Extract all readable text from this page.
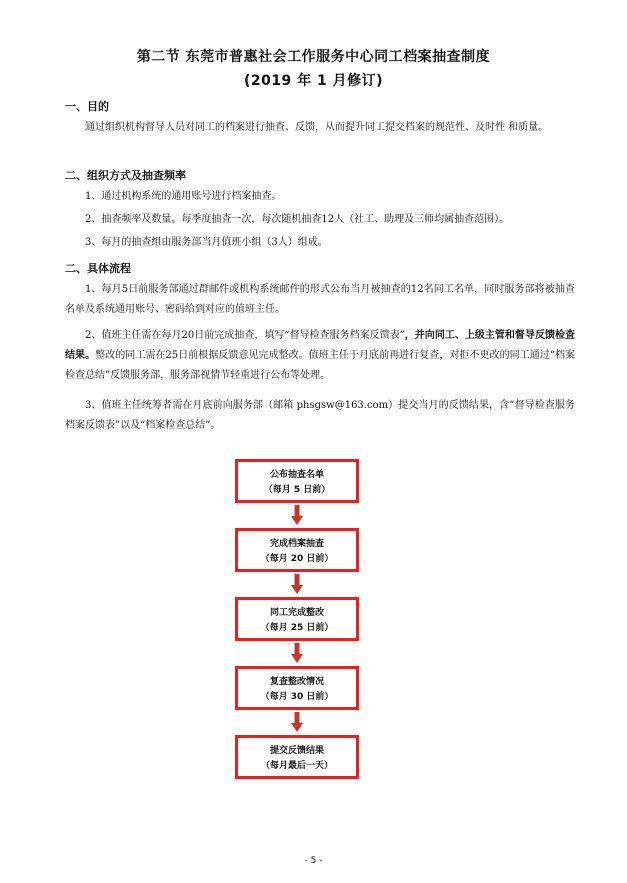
第二节 东莞市普惠社会工作服务中心同工档案抽查制度
(2019 年 1 月修订)
一、目的
通过组织机构督导人员对同工的档案进行抽查、反馈，从而提升同工提交档案的规范性、及时性 和质量。
二、组织方式及抽查频率
1、通过机构系统的通用账号进行档案抽查。
2、抽查频率及数量。每季度抽查一次，每次随机抽查12人（社工、助理及三师均属抽查范围）。
3、每月的抽查组由服务部当月值班小组（3人）组成。
二、具体流程
1、每月5日前服务部通过群邮件或机构系统邮件的形式公布当月被抽查的12名同工名单，同时服务部将被抽查名单及系统通用账号、密码给到对应的值班主任。
2、值班主任需在每月20日前完成抽查，填写“督导检查服务档案反馈表”，并向同工、上级主管和督导反馈检查结果。整改的同工需在25日前根据反馈意见完成整改。值班主任于月底前再进行复查，对拒不更改的同工通过“档案检查总结”反馈服务部，服务部视情节轻重进行公布等处理。
3、值班主任统筹者需在月底前向服务部（邮箱 phsgsw@163.com）提交当月的反馈结果，含“督导检查服务档案反馈表”以及“档案检查总结”。
公布抽查名单
（每月 5 日前）
完成档案抽查
（每月 20 日前）
同工完成整改
（每月 25 日前）
复查整改情况
（每月 30 日前）
提交反馈结果
（每月最后一天）
- 5 -
